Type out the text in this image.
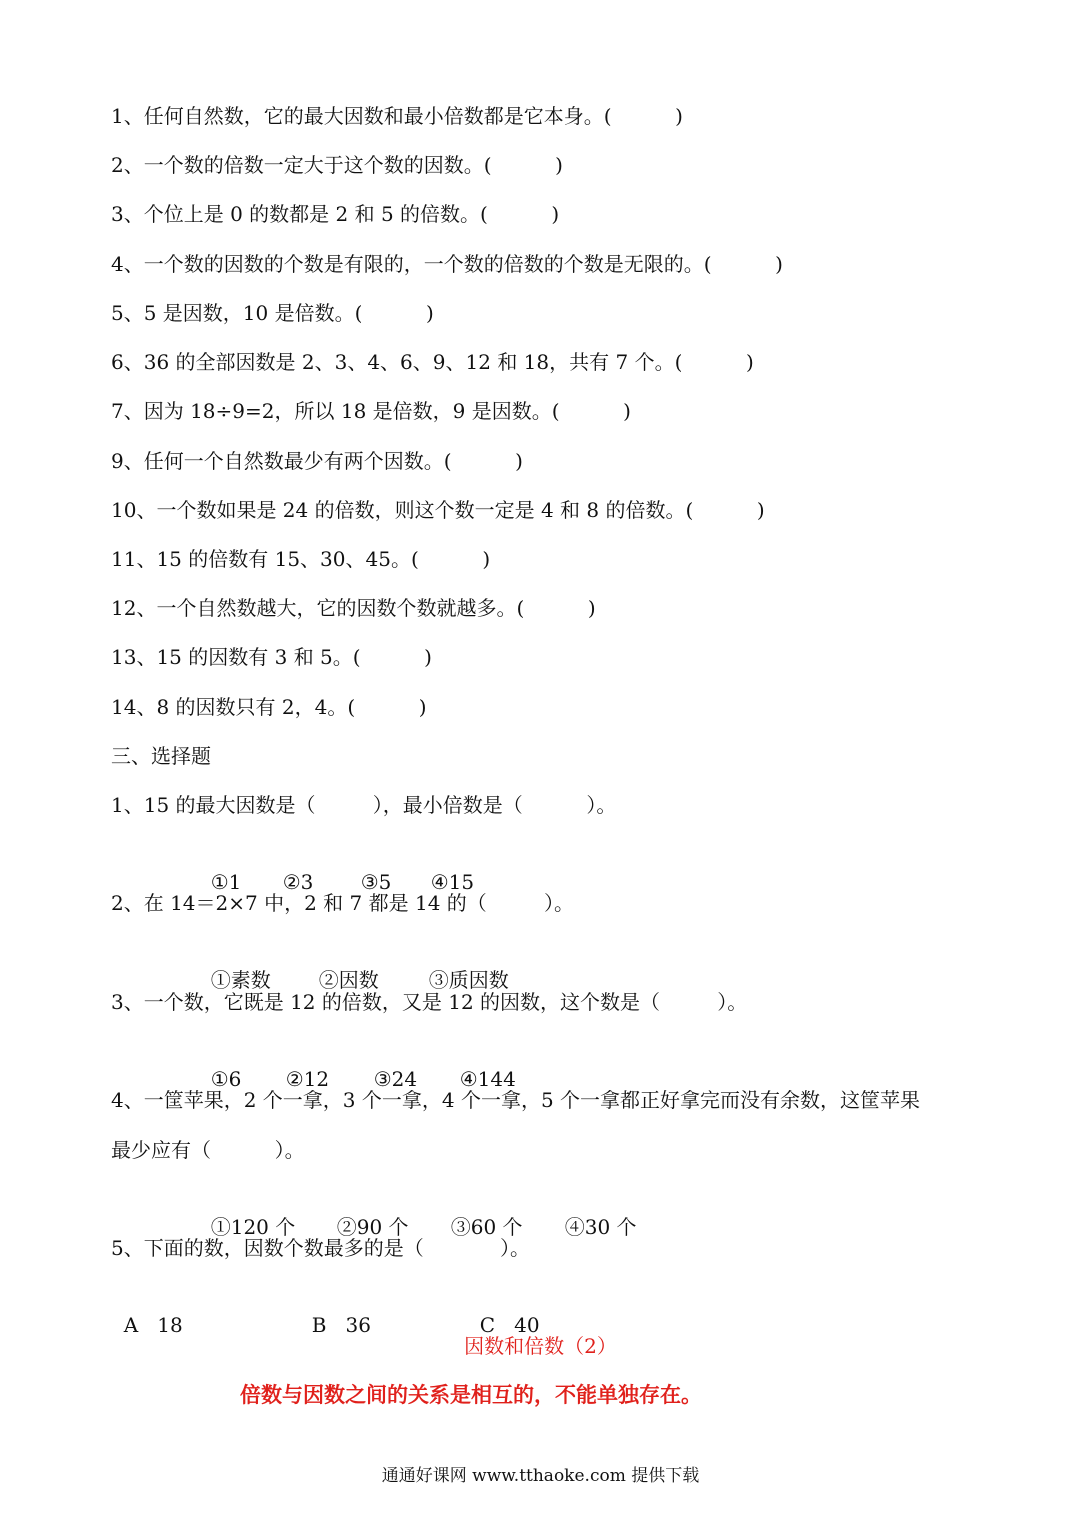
1、任何自然数，它的最大因数和最小倍数都是它本身。(          )
2、一个数的倍数一定大于这个数的因数。(          )
3、个位上是 0 的数都是 2 和 5 的倍数。(          )
4、一个数的因数的个数是有限的，一个数的倍数的个数是无限的。(          )
5、5 是因数，10 是倍数。(          )
6、36 的全部因数是 2、3、4、6、9、12 和 18，共有 7 个。(          )
7、因为 18÷9=2，所以 18 是倍数，9 是因数。(          )
9、任何一个自然数最少有两个因数。(          )
10、一个数如果是 24 的倍数，则这个数一定是 4 和 8 的倍数。(          )
11、15 的倍数有 15、30、45。(          )
12、一个自然数越大，它的因数个数就越多。(          )
13、15 的因数有 3 和 5。(          )
14、8 的因数只有 2，4。(          )
三、选择题
1、15 的最大因数是（         ），最小倍数是（          ）。

①1 ②3 ③5 ④15

2、在 14＝2×7 中，2 和 7 都是 14 的（         ）。

①素数 ②因数	③质因数

3、一个数，它既是 12 的倍数，又是 12 的因数，这个数是（         ）。

①6 ②12 ③24 ④144

4、一筐苹果，2 个一拿，3 个一拿，4 个一拿，5 个一拿都正好拿完而没有余数，这筐苹果
最少应有（          ）。

①120 个 ②90 个 ③60 个 ④30 个

5、下面的数，因数个数最多的是（            ）。

A   18	B   36	C   40

因数和倍数（2）
倍数与因数之间的关系是相互的，不能单独存在。
通通好课网 www.tthaoke.com 提供下载
